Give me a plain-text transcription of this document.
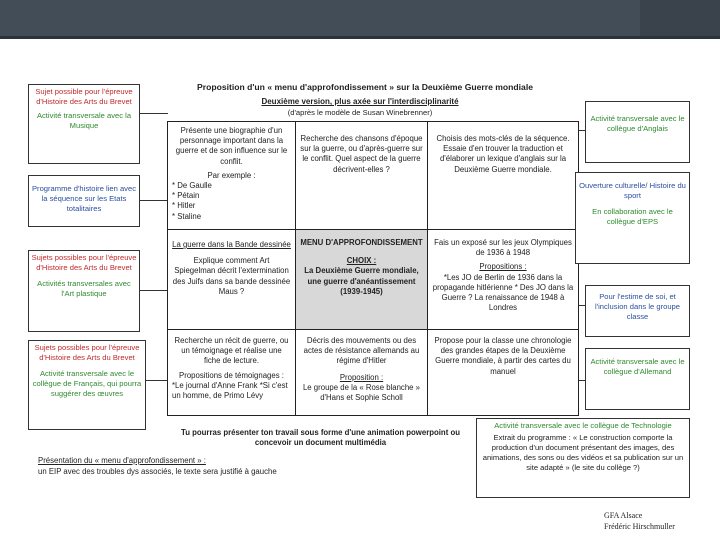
Proposition d'un « menu d'approfondissement » sur la Deuxième Guerre mondiale
Deuxième version, plus axée sur l'interdisciplinarité
(d'après le modèle de Susan Winebrenner)
Sujet possible pour l'épreuve d'Histoire des Arts du Brevet
Activité transversale avec la Musique
Programme d'histoire lien avec la séquence sur les Etats totalitaires
Sujets possibles pour l'épreuve d'Histoire des Arts du Brevet
Activités transversales avec l'Art plastique
Sujets possibles pour l'épreuve d'Histoire des Arts du Brevet
Activité transversale avec le collègue de Français, qui pourra suggérer des œuvres
Présente une biographie d'un personnage important dans la guerre et de son influence sur le conflit.
Par exemple :
* De Gaulle
* Pétain
* Hitler
* Staline
Recherche des chansons d'époque sur la guerre, ou d'après-guerre sur le conflit. Quel aspect de la guerre décrivent-elles ?
Choisis des mots-clés de la séquence. Essaie d'en trouver la traduction et d'élaborer un lexique d'anglais sur la Deuxième Guerre mondiale.
La guerre dans la Bande dessinée
Explique comment Art Spiegelman décrit l'extermination des Juifs dans sa bande dessinée Maus ?
MENU D'APPROFONDISSEMENT
CHOIX :
La Deuxième Guerre mondiale, une guerre d'anéantissement (1939-1945)
Fais un exposé sur les jeux Olympiques de 1936 à 1948
Propositions :
*Les JO de Berlin de 1936 dans la propagande hitlérienne * Des JO dans la Guerre ? La renaissance de 1948 à Londres
Recherche un récit de guerre, ou un témoignage et réalise une fiche de lecture.
Propositions de témoignages :
*Le journal d'Anne Frank *Si c'est un homme, de Primo Lévy
Décris des mouvements ou des actes de résistance allemands au régime d'Hitler
Proposition :
Le groupe de la « Rose blanche » d'Hans et Sophie Scholl
Propose pour la classe une chronologie des grandes étapes de la Deuxième Guerre mondiale, à partir des cartes du manuel
Activité transversale avec le collègue d'Anglais
Ouverture culturelle/ Histoire du sport
En collaboration avec le collègue d'EPS
Pour l'estime de soi, et l'inclusion dans le groupe classe
Activité transversale avec le collègue d'Allemand
Tu pourras présenter ton travail sous forme d'une animation powerpoint ou concevoir un document multimédia
Activité transversale avec le collègue de Technologie
Extrait du programme : « Le construction comporte la production d'un document présentant des images, des animations, des sons ou des vidéos et sa publication sur un site adapté » (le site du collège ?)
Présentation du « menu d'approfondissement » :
un EIP avec des troubles dys associés, le texte sera justifié à gauche
GFA Alsace
Frédéric Hirschmuller
